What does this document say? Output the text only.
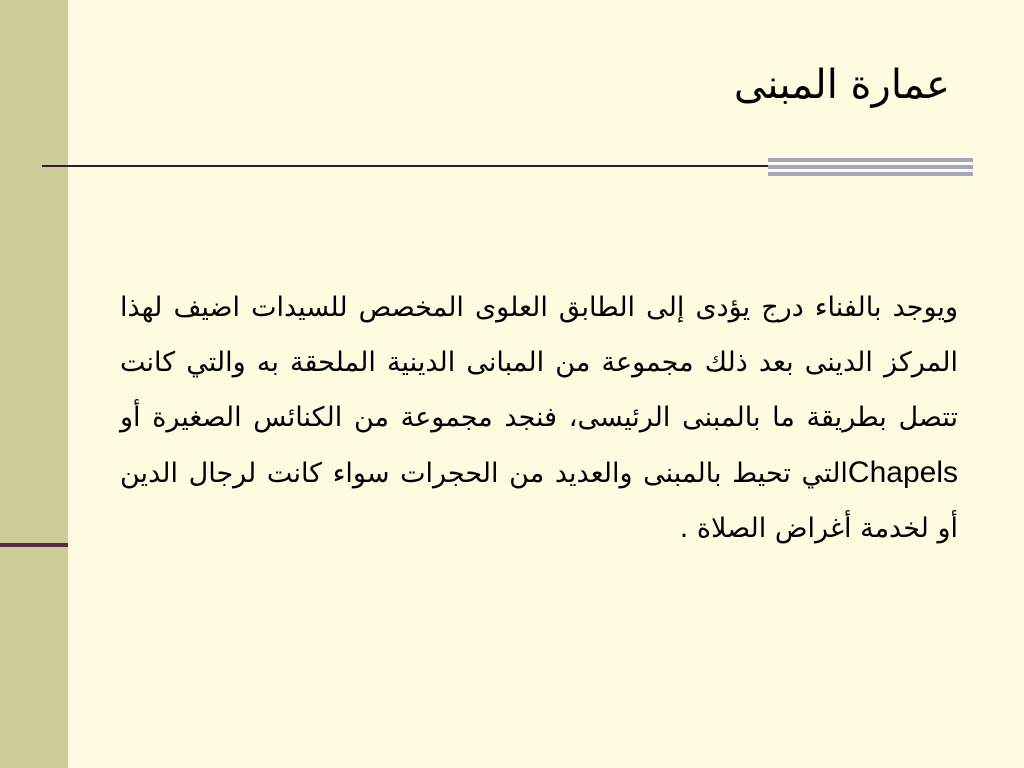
عمارة المبنى

ويوجد بالفناء درج يؤدى إلى الطابق العلوى المخصص للسيدات اضيف لهذا المركز الدينى بعد ذلك مجموعة من المبانى الدينية الملحقة به والتي كانت تتصل بطريقة ما بالمبنى الرئيسى، فنجد مجموعة من الكنائس الصغيرة أو Chapelsالتي تحيط بالمبنى والعديد من الحجرات سواء كانت لرجال الدين أو لخدمة أغراض الصلاة .
